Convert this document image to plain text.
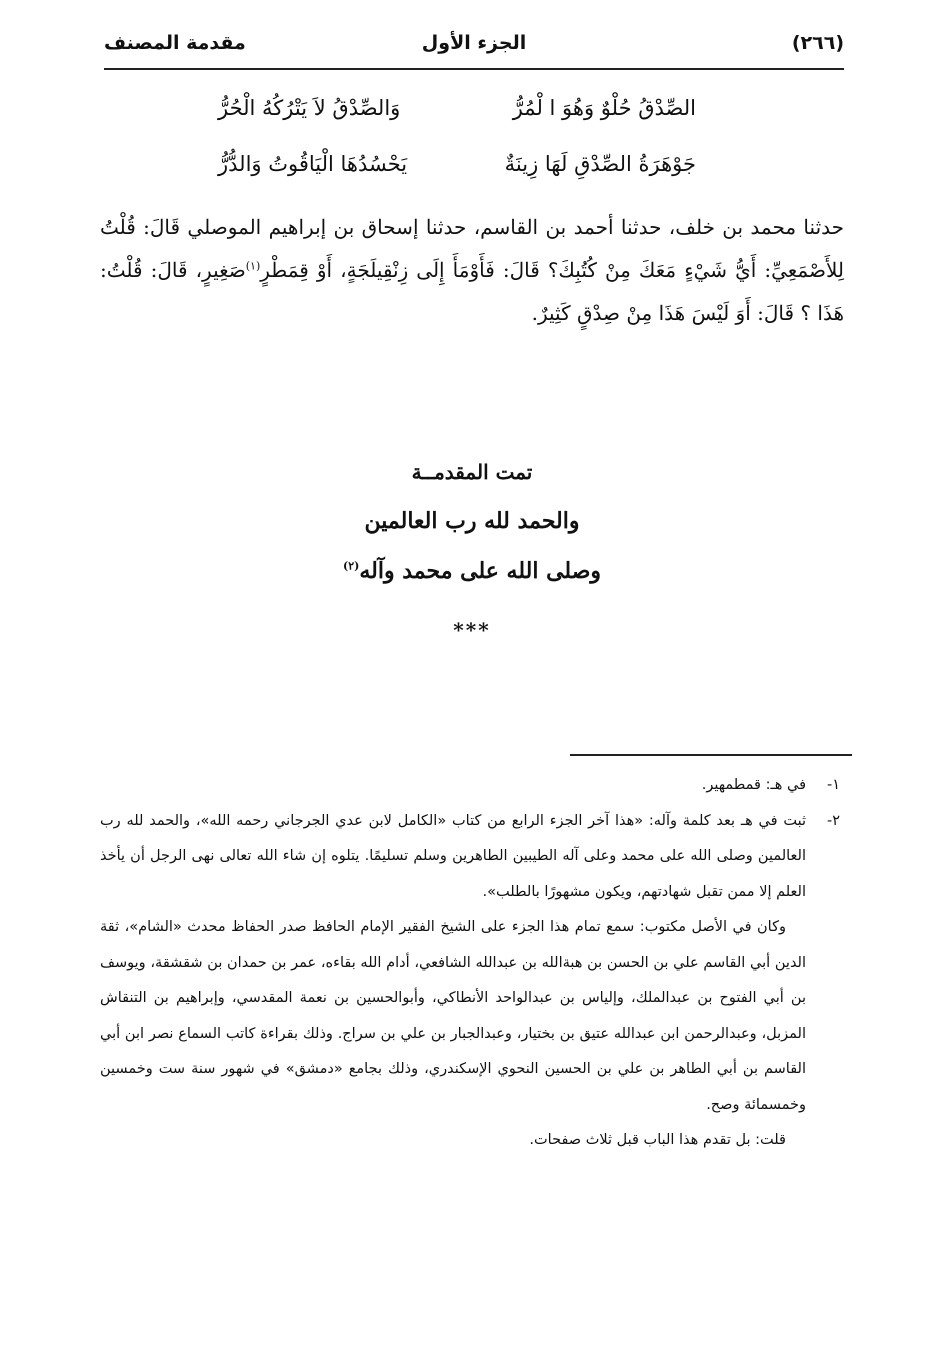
(٢٦٦)
الجزء الأول
مقدمة المصنف
الصِّدْقُ حُلْوٌ وَهُوَ ا لْمُرُّ
وَالصِّدْقُ لاَ يَتْرُكُهُ الْحُرُّ
جَوْهَرَةُ الصِّدْقِ لَهَا زِينَةٌ
يَحْسُدُهَا الْيَاقُوتُ وَالدُّرُّ
حدثنا محمد بن خلف، حدثنا أحمد بن القاسم، حدثنا إسحاق بن إبراهيم الموصلي قَالَ: قُلْتُ لِلأَصْمَعِيِّ: أَيُّ شَيْءٍ مَعَكَ مِنْ كُتُبِكَ؟ قَالَ: فَأَوْمَأَ إِلَى زِنْقِيلَجَةٍ، أَوْ قِمَطْرٍ$^{(١)}$صَغِيرٍ، قَالَ: قُلْتُ: هَذَا ؟ قَالَ: أَوَ لَيْسَ هَذَا مِنْ صِدْقٍ كَثِيرٌ.
تمت المقدمــة
والحمد لله رب العالمين
وصلى الله على محمد وآله$^{(٢)}$
***

١-في هـ: قمطمهير.

٢-ثبت في هـ بعد كلمة وآله: «هذا آخر الجزء الرابع من كتاب «الكامل لابن عدي الجرجاني رحمه الله»، والحمد لله رب العالمين وصلى الله على محمد وعلى آله الطيبين الطاهرين وسلم تسليمًا. يتلوه إن شاء الله تعالى نهى الرجل أن يأخذ العلم إلا ممن تقبل شهادتهم، ويكون مشهورًا بالطلب».

وكان في الأصل مكتوب: سمع تمام هذا الجزء على الشيخ الفقير الإمام الحافظ صدر الحفاظ محدث «الشام»، ثقة الدين أبي القاسم علي بن الحسن بن هبةالله بن عبدالله الشافعي، أدام الله بقاءه، عمر بن حمدان بن شقشقة، ويوسف بن أبي الفتوح بن عبدالملك، وإلياس بن عبدالواحد الأنطاكي، وأبوالحسين بن نعمة المقدسي، وإبراهيم بن التنقاش المزبل، وعبدالرحمن ابن عبدالله عتيق بن بختيار، وعبدالجبار بن علي بن سراج. وذلك بقراءة كاتب السماع نصر ابن أبي القاسم بن أبي الطاهر بن علي بن الحسين النحوي الإسكندري، وذلك بجامع «دمشق» في شهور سنة ست وخمسين وخمسمائة وصح.

قلت: بل تقدم هذا الباب قبل ثلاث صفحات.
